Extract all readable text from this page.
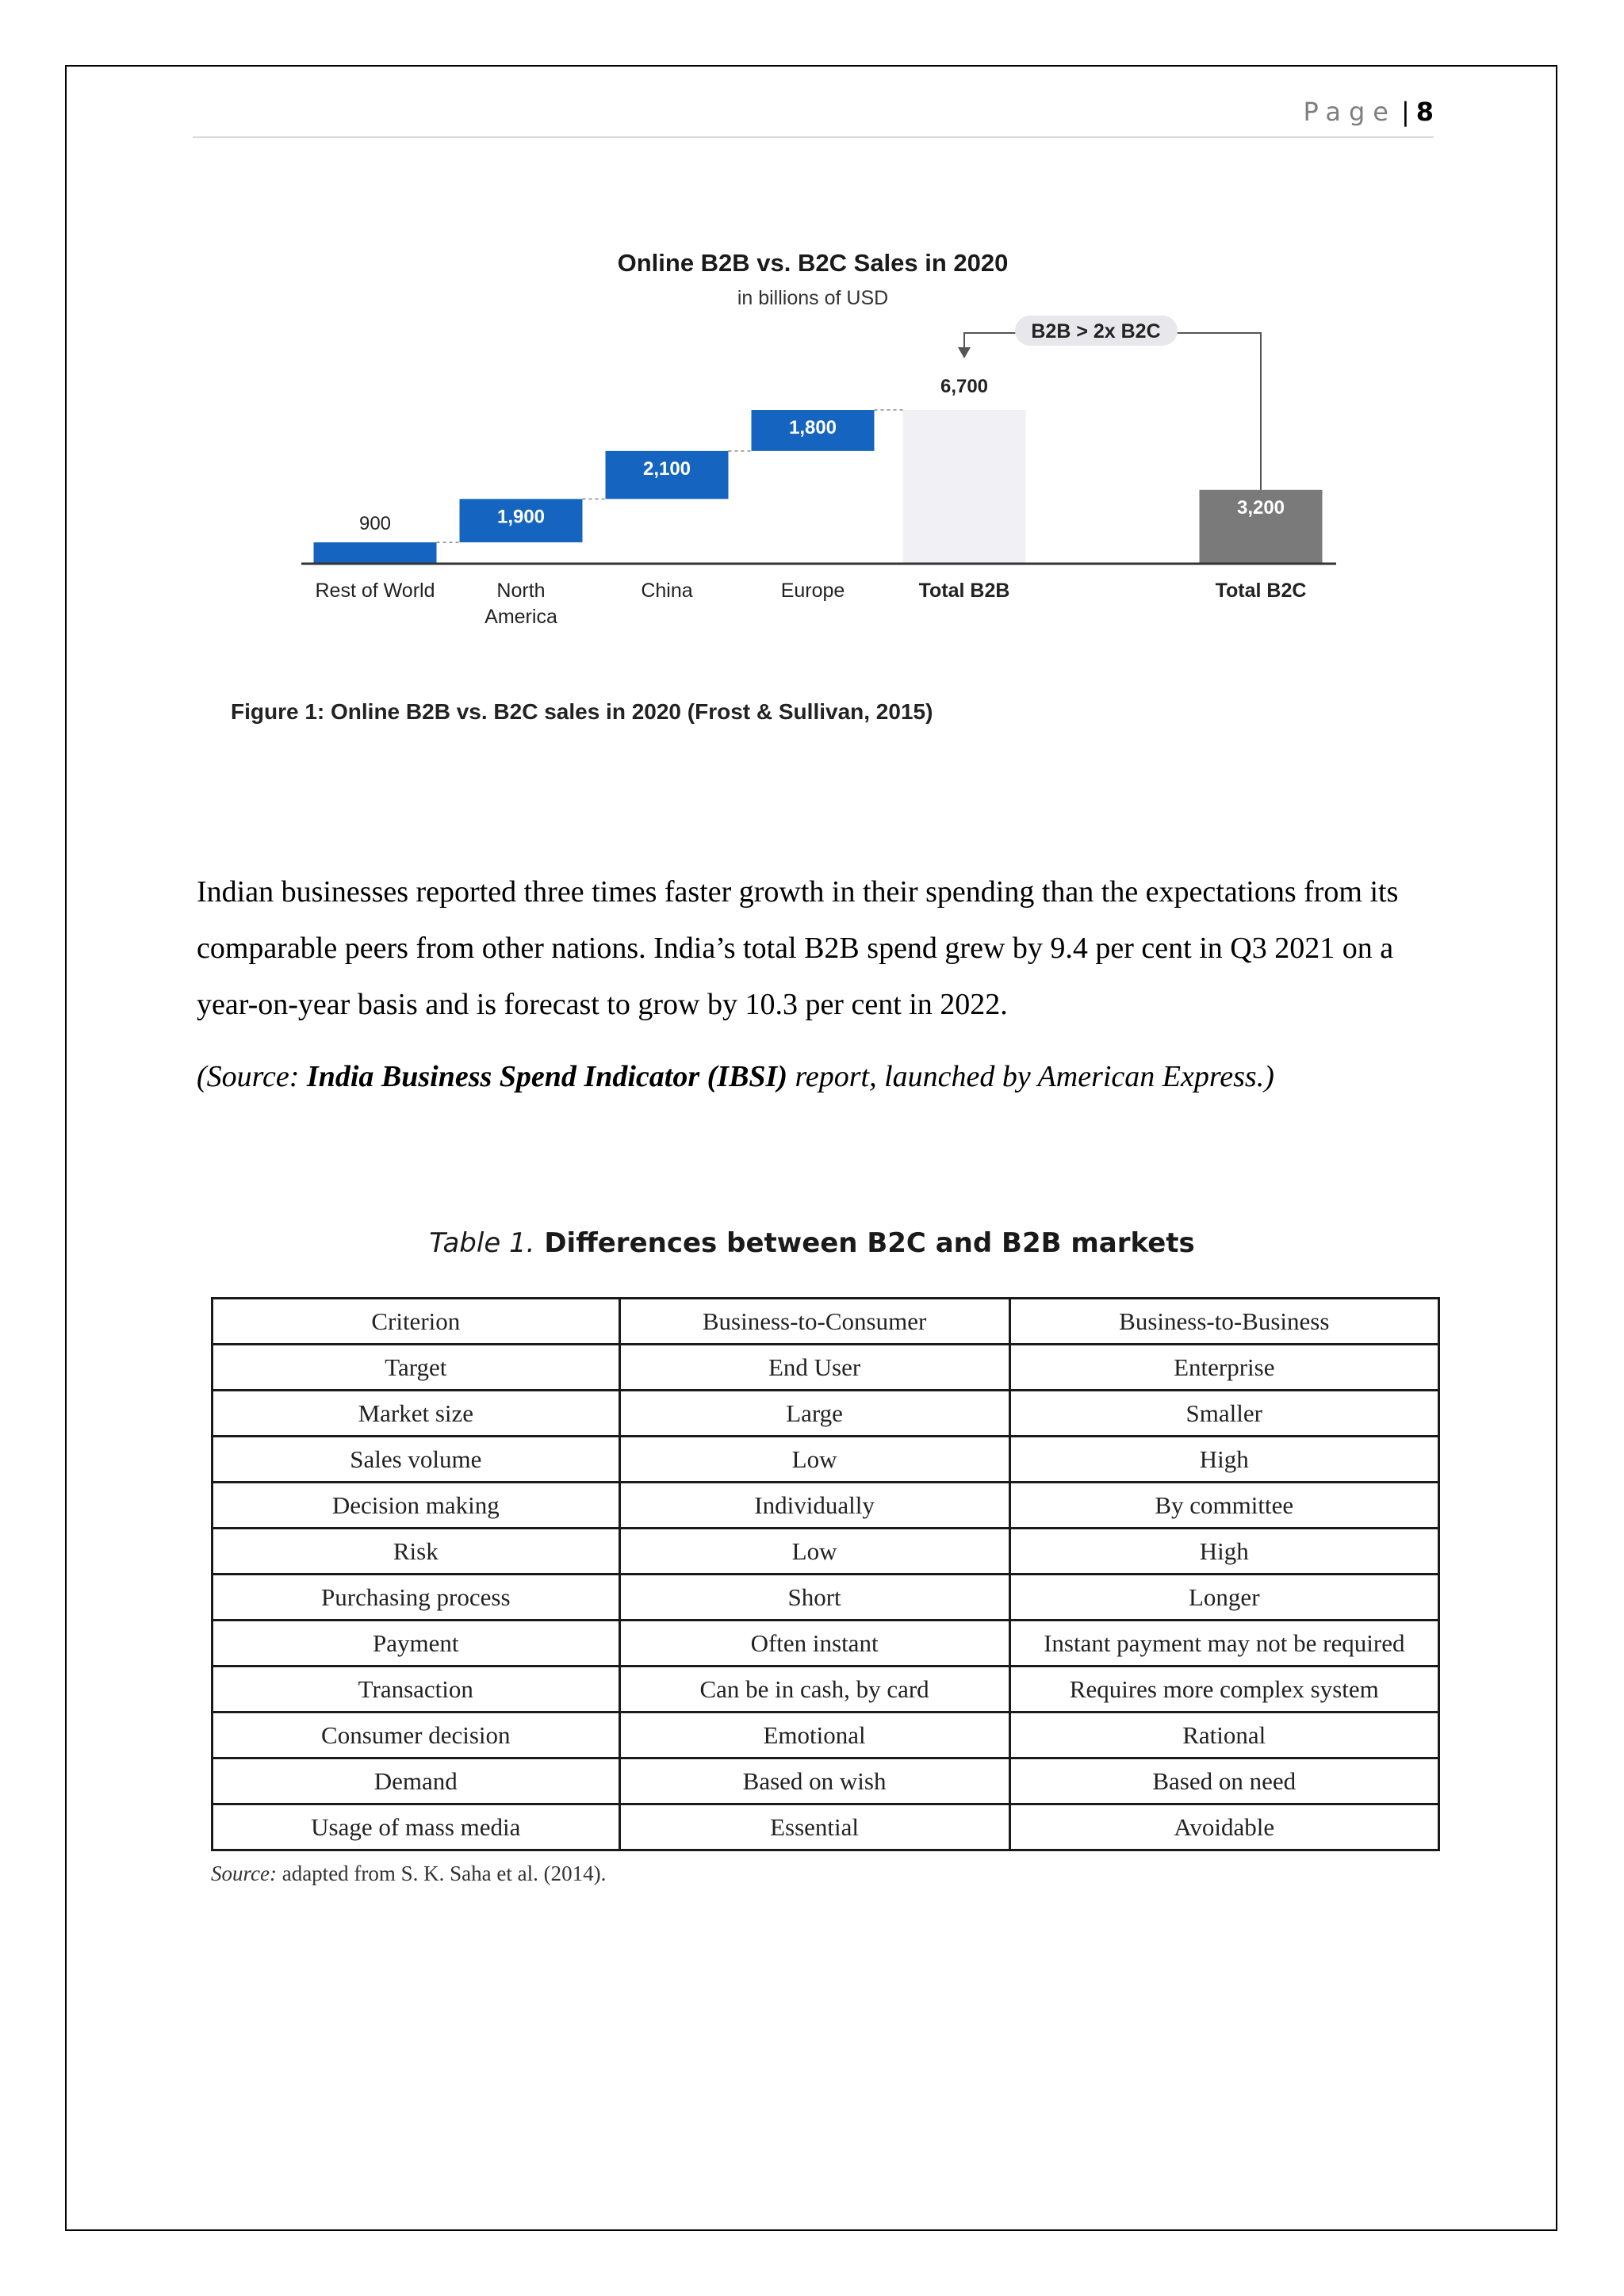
Page | 8
Online B2B vs. B2C Sales in 2020
in billions of USD
900	1,900
2,100
1,800
6,700
3,200
Rest of World	North America
China	Europe	Total B2B	Total B2C
B2B > 2x B2C
Figure 1: Online B2B vs. B2C sales in 2020 (Frost & Sullivan, 2015)
Indian businesses reported three times faster growth in their spending than the expectations from its comparable peers from other nations. India’s total B2B spend grew by 9.4 per cent in Q3 2021 on a year-on-year basis and is forecast to grow by 10.3 per cent in 2022.
(Source: India Business Spend Indicator (IBSI) report, launched by American Express.)
Table 1. Differences between B2C and B2B markets
Criterion	Business-to-Consumer	Business-to-Business
Target	End User	Enterprise
Market size	Large	Smaller
Sales volume	Low	High
Decision making	Individually	By committee
Risk	Low	High
Purchasing process	Short	Longer
Payment	Often instant	Instant payment may not be required
Transaction	Can be in cash, by card	Requires more complex system
Consumer decision	Emotional	Rational
Demand	Based on wish	Based on need
Usage of mass media	Essential	Avoidable
Source: adapted from S. K. Saha et al. (2014).
